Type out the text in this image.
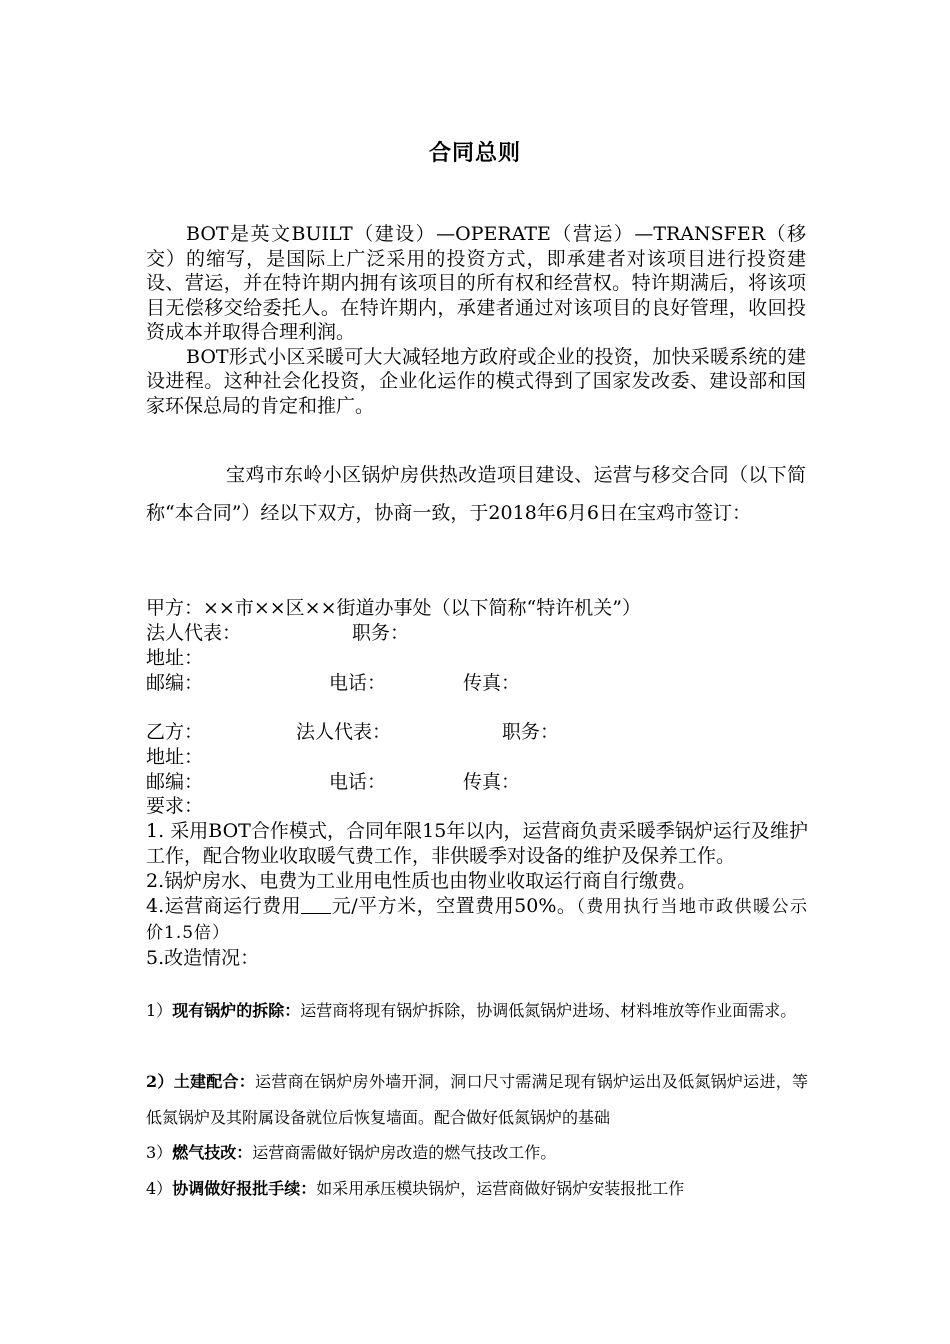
合同总则

BOT是英文BUILT（建设）—OPERATE（营运）—TRANSFER（移交）的缩写，是国际上广泛采用的投资方式，即承建者对该项目进行投资建设、营运，并在特许期内拥有该项目的所有权和经营权。特许期满后，将该项目无偿移交给委托人。在特许期内，承建者通过对该项目的良好管理，收回投资成本并取得合理利润。

BOT形式小区采暖可大大减轻地方政府或企业的投资，加快采暖系统的建设进程。这种社会化投资，企业化运作的模式得到了国家发改委、建设部和国家环保总局的肯定和推广。

宝鸡市东岭小区锅炉房供热改造项目建设、运营与移交合同（以下简称“本合同”）经以下双方，协商一致，于2018年6月6日在宝鸡市签订：
甲方：××市××区××街道办事处（以下简称“特许机关”）
法人代表：	职务：
地址：
邮编：	电话：	传真：
乙方：	法人代表：	职务：
地址：
邮编：	电话：	传真：

要求：

1. 采用BOT合作模式，合同年限15年以内，运营商负责采暖季锅炉运行及维护工作，配合物业收取暖气费工作，非供暖季对设备的维护及保养工作。

2.锅炉房水、电费为工业用电性质也由物业收取运行商自行缴费。

4.运营商运行费用 元/平方米，空置费用50%。（费用执行当地市政供暖公示价1.5倍）

5.改造情况：

1）现有锅炉的拆除：运营商将现有锅炉拆除，协调低氮锅炉进场、材料堆放等作业面需求。
2）土建配合：运营商在锅炉房外墙开洞，洞口尺寸需满足现有锅炉运出及低氮锅炉运进，等低氮锅炉及其附属设备就位后恢复墙面。配合做好低氮锅炉的基础
3）燃气技改：运营商需做好锅炉房改造的燃气技改工作。
4）协调做好报批手续：如采用承压模块锅炉，运营商做好锅炉安装报批工作
